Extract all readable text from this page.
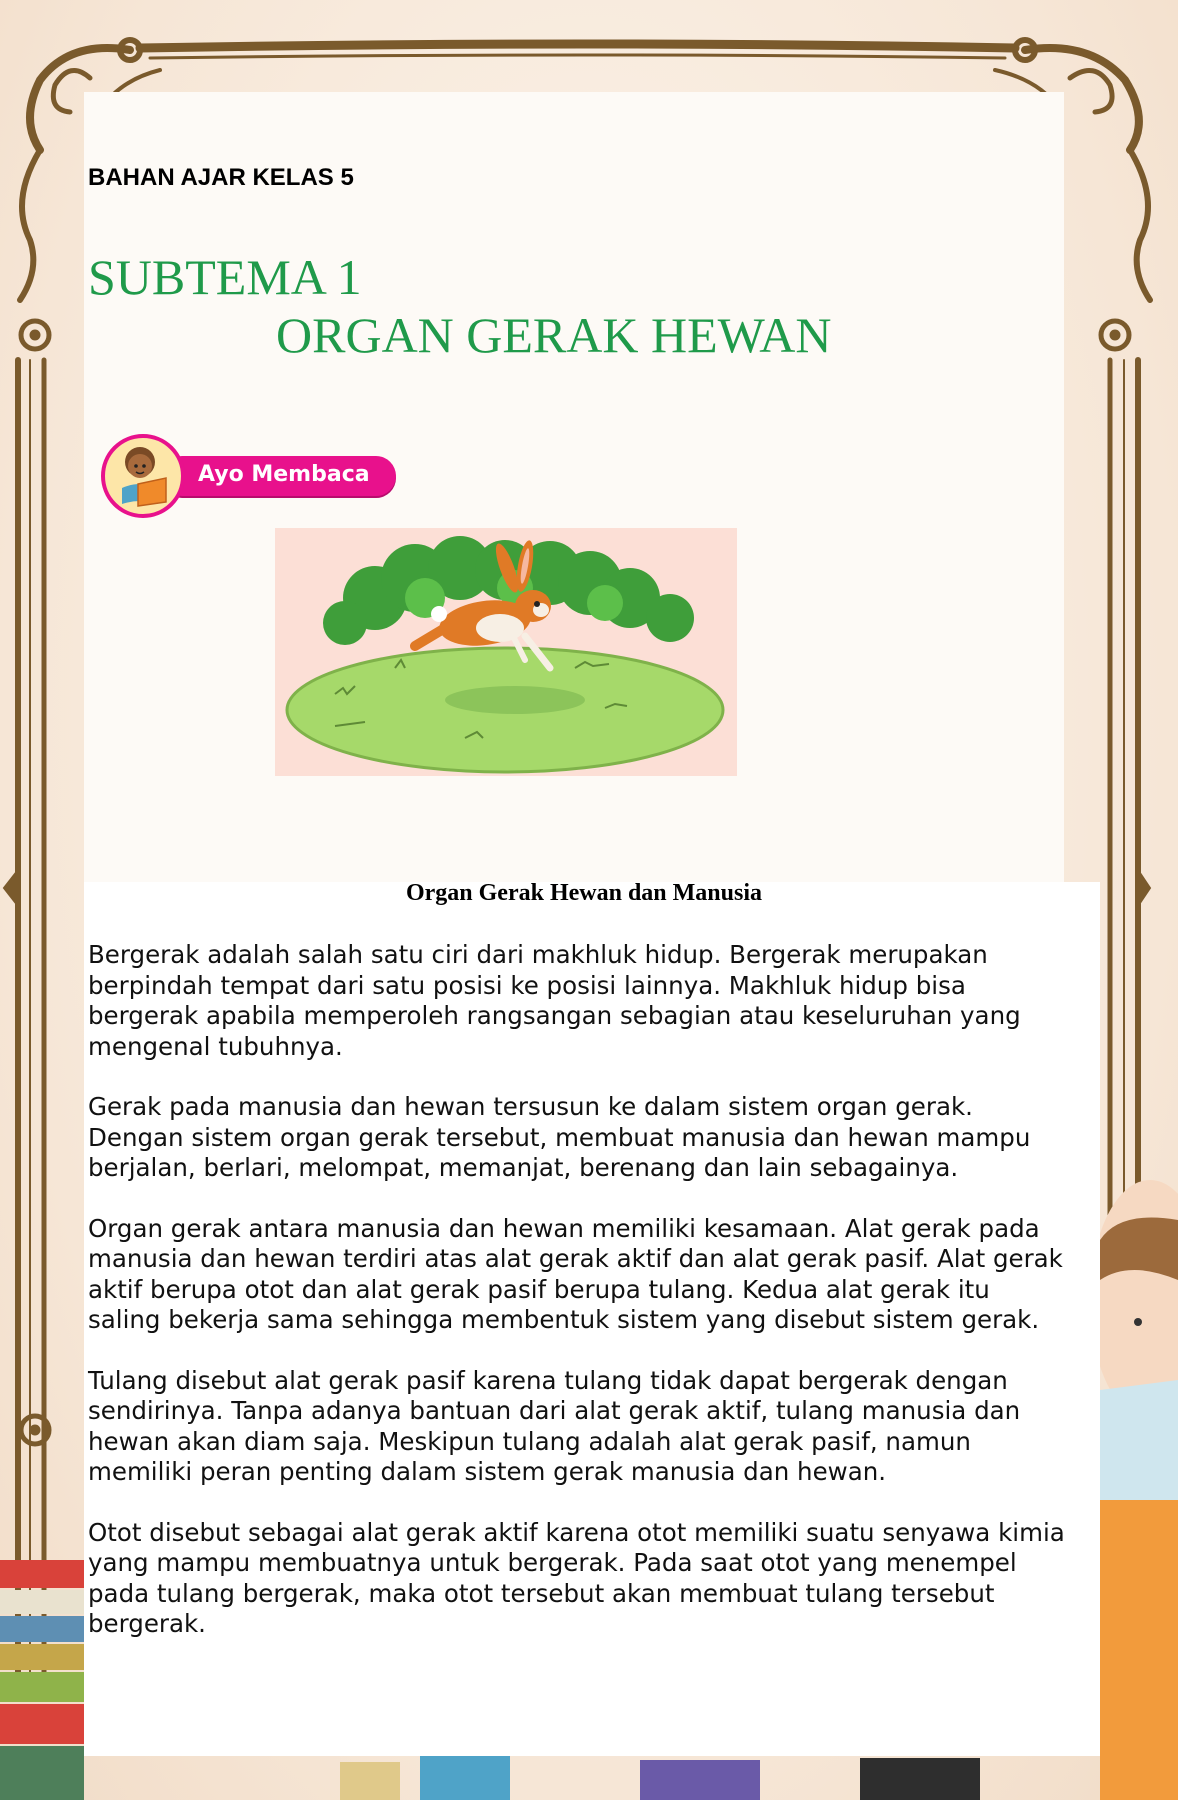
BAHAN AJAR KELAS 5
SUBTEMA 1
ORGAN GERAK HEWAN
Ayo Membaca
Organ Gerak Hewan dan Manusia

Bergerak adalah salah satu ciri dari makhluk hidup. Bergerak merupakan
berpindah tempat dari satu posisi ke posisi lainnya. Makhluk hidup bisa
bergerak apabila memperoleh rangsangan sebagian atau keseluruhan yang
mengenal tubuhnya.

Gerak pada manusia dan hewan tersusun ke dalam sistem organ gerak.
Dengan sistem organ gerak tersebut, membuat manusia dan hewan mampu
berjalan, berlari, melompat, memanjat, berenang dan lain sebagainya.

Organ gerak antara manusia dan hewan memiliki kesamaan. Alat gerak pada
manusia dan hewan terdiri atas alat gerak aktif dan alat gerak pasif. Alat gerak
aktif berupa otot dan alat gerak pasif berupa tulang. Kedua alat gerak itu
saling bekerja sama sehingga membentuk sistem yang disebut sistem gerak.

Tulang disebut alat gerak pasif karena tulang tidak dapat bergerak dengan
sendirinya. Tanpa adanya bantuan dari alat gerak aktif, tulang manusia dan
hewan akan diam saja. Meskipun tulang adalah alat gerak pasif, namun
memiliki peran penting dalam sistem gerak manusia dan hewan.

Otot disebut sebagai alat gerak aktif karena otot memiliki suatu senyawa kimia
yang mampu membuatnya untuk bergerak. Pada saat otot yang menempel
pada tulang bergerak, maka otot tersebut akan membuat tulang tersebut
bergerak.
